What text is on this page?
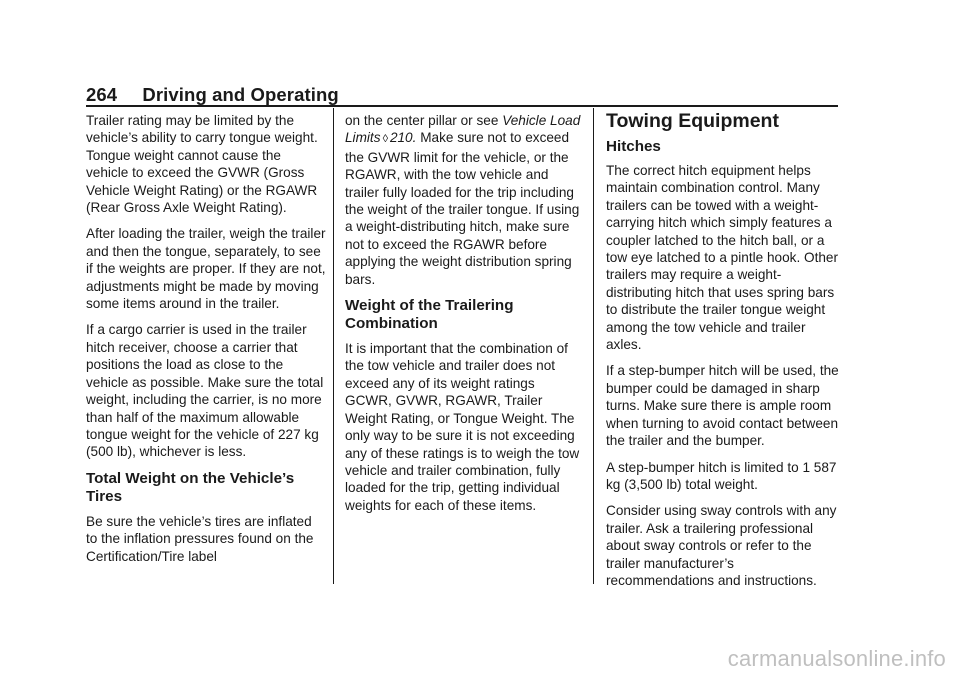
264 Driving and Operating

Trailer rating may be limited by the vehicle’s ability to carry tongue weight. Tongue weight cannot cause the vehicle to exceed the GVWR (Gross Vehicle Weight Rating) or the RGAWR (Rear Gross Axle Weight Rating).

After loading the trailer, weigh the trailer and then the tongue, separately, to see if the weights are proper. If they are not, adjustments might be made by moving some items around in the trailer.

If a cargo carrier is used in the trailer hitch receiver, choose a carrier that positions the load as close to the vehicle as possible. Make sure the total weight, including the carrier, is no more than half of the maximum allowable tongue weight for the vehicle of 227 kg (500 lb), whichever is less.

Total Weight on the Vehicle’s Tires

Be sure the vehicle’s tires are inflated to the inflation pressures found on the Certification/Tire label

on the center pillar or see Vehicle Load Limits ◊ 210. Make sure not to exceed the GVWR limit for the vehicle, or the RGAWR, with the tow vehicle and trailer fully loaded for the trip including the weight of the trailer tongue. If using a weight-distributing hitch, make sure not to exceed the RGAWR before applying the weight distribution spring bars.

Weight of the Trailering Combination

It is important that the combination of the tow vehicle and trailer does not exceed any of its weight ratingsGCWR, GVWR, RGAWR, Trailer Weight Rating, or Tongue Weight. The only way to be sure it is not exceeding any of these ratings is to weigh the tow vehicle and trailer combination, fully loaded for the trip, getting individual weights for each of these items.

Towing Equipment
Hitches

The correct hitch equipment helps maintain combination control. Many trailers can be towed with a weight-carrying hitch which simply features a coupler latched to the hitch ball, or a tow eye latched to a pintle hook. Other trailers may require a weight-distributing hitch that uses spring bars to distribute the trailer tongue weight among the tow vehicle and trailer axles.

If a step-bumper hitch will be used, the bumper could be damaged in sharp turns. Make sure there is ample room when turning to avoid contact between the trailer and the bumper.

A step-bumper hitch is limited to 1 587 kg (3,500 lb) total weight.

Consider using sway controls with any trailer. Ask a trailering professional about sway controls or refer to the trailer manufacturer’s recommendations and instructions.

carmanualsonline.info
